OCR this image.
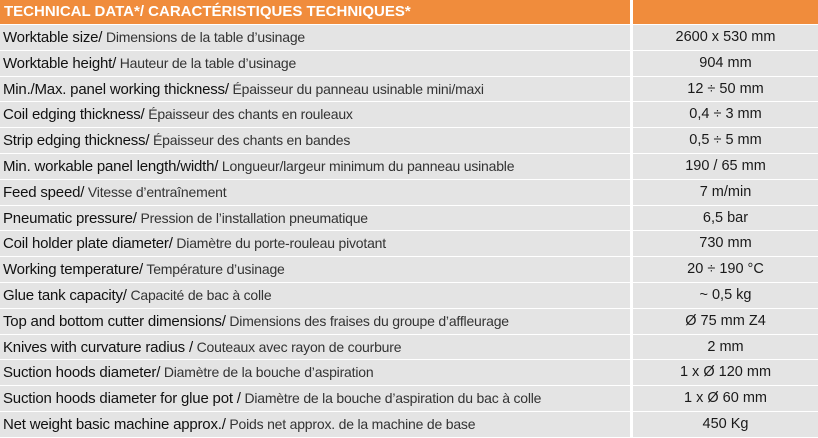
TECHNICAL DATA*/ CARACTÉRISTIQUES TECHNIQUES*
Worktable size/ Dimensions de la table d’usinage	2600 x 530 mm
Worktable height/ Hauteur de la table d’usinage	904 mm
Min./Max. panel working thickness/ Épaisseur du panneau usinable mini/maxi	12 ÷ 50 mm
Coil edging thickness/ Épaisseur des chants en rouleaux	0,4 ÷ 3 mm
Strip edging thickness/ Épaisseur des chants en bandes	0,5 ÷ 5 mm
Min. workable panel length/width/ Longueur/largeur minimum du panneau usinable	190 / 65 mm
Feed speed/ Vitesse d’entraînement	7 m/min
Pneumatic pressure/ Pression de l’installation pneumatique	6,5 bar
Coil holder plate diameter/ Diamètre du porte-rouleau pivotant	730 mm
Working temperature/ Température d’usinage	20 ÷ 190 °C
Glue tank capacity/ Capacité de bac à colle	~ 0,5 kg
Top and bottom cutter dimensions/ Dimensions des fraises du groupe d’affleurage	Ø 75 mm Z4
Knives with curvature radius / Couteaux avec rayon de courbure	2 mm
Suction hoods diameter/ Diamètre de la bouche d’aspiration	1 x Ø 120 mm
Suction hoods diameter for glue pot / Diamètre de la bouche d’aspiration du bac à colle	1 x Ø 60 mm
Net weight basic machine approx./ Poids net approx. de la machine de base	450 Kg
